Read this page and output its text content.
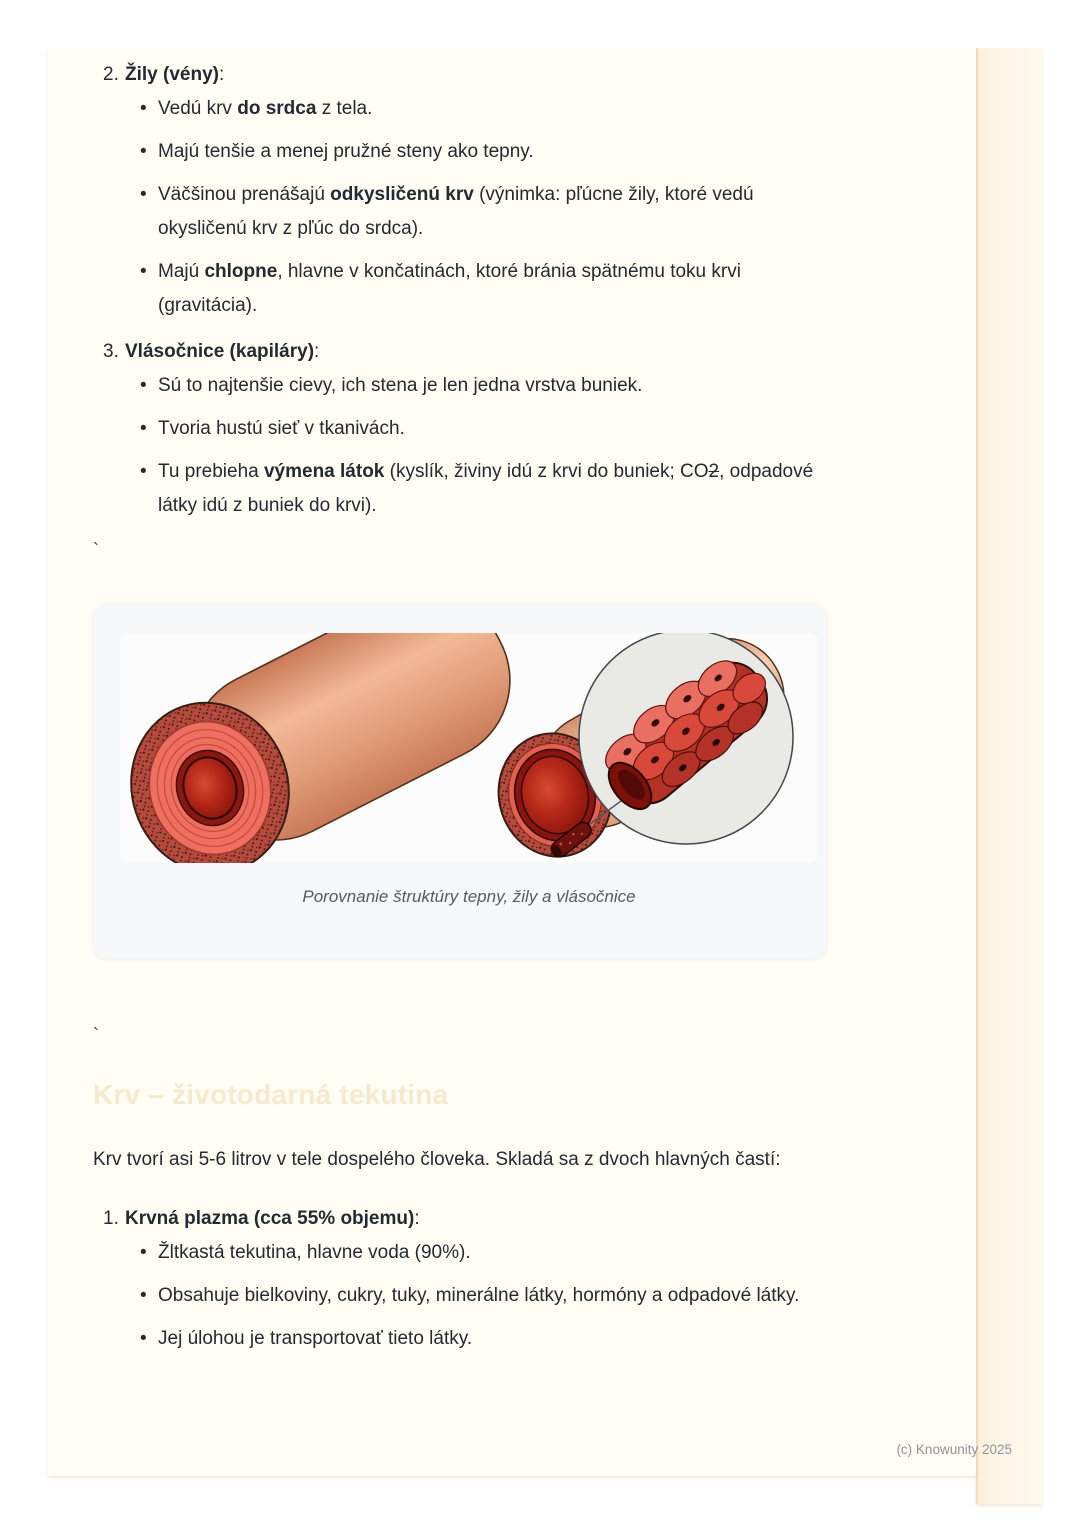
2. Žily (vény):
• Vedú krv do srdca z tela.
• Majú tenšie a menej pružné steny ako tepny.
• Väčšinou prenášajú odkysličenú krv (výnimka: pľúcne žily, ktoré vedú okysličenú krv z pľúc do srdca).
• Majú chlopne, hlavne v končatinách, ktoré bránia spätnému toku krvi (gravitácia).
3. Vlásočnice (kapiláry):
• Sú to najtenšie cievy, ich stena je len jedna vrstva buniek.
• Tvoria hustú sieť v tkanivách.
• Tu prebieha výmena látok (kyslík, živiny idú z krvi do buniek; CO2, odpadové látky idú z buniek do krvi).
`
Porovnanie štruktúry tepny, žily a vlásočnice
`
Krv – životodarná tekutina

Krv tvorí asi 5-6 litrov v tele dospelého človeka. Skladá sa z dvoch hlavných častí:

1. Krvná plazma (cca 55% objemu):
• Žltkastá tekutina, hlavne voda (90%).
• Obsahuje bielkoviny, cukry, tuky, minerálne látky, hormóny a odpadové látky.
• Jej úlohou je transportovať tieto látky.
(c) Knowunity 2025
